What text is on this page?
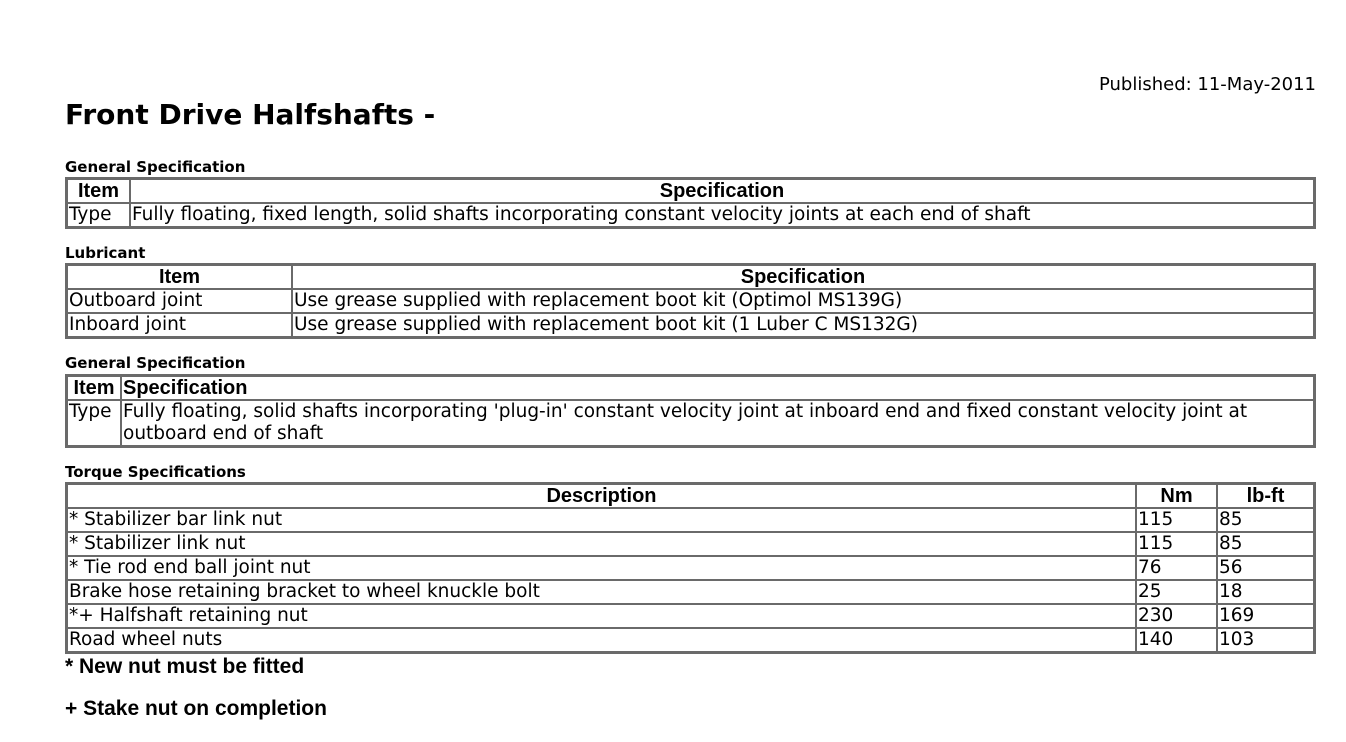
Published: 11-May-2011
Front Drive Halfshafts -
General Specification
Item	Specification
Type	Fully floating, fixed length, solid shafts incorporating constant velocity joints at each end of shaft
Lubricant
Item	Specification
Outboard joint	Use grease supplied with replacement boot kit (Optimol MS139G)
Inboard joint	Use grease supplied with replacement boot kit (1 Luber C MS132G)
General Specification
Item	Specification
Type	Fully floating, solid shafts incorporating 'plug-in' constant velocity joint at inboard end and fixed constant velocity joint at outboard end of shaft
Torque Specifications
Description	Nm	lb-ft
* Stabilizer bar link nut	115	85
* Stabilizer link nut	115	85
* Tie rod end ball joint nut	76	56
Brake hose retaining bracket to wheel knuckle bolt	25	18
*+ Halfshaft retaining nut	230	169
Road wheel nuts	140	103
* New nut must be fitted
+ Stake nut on completion
